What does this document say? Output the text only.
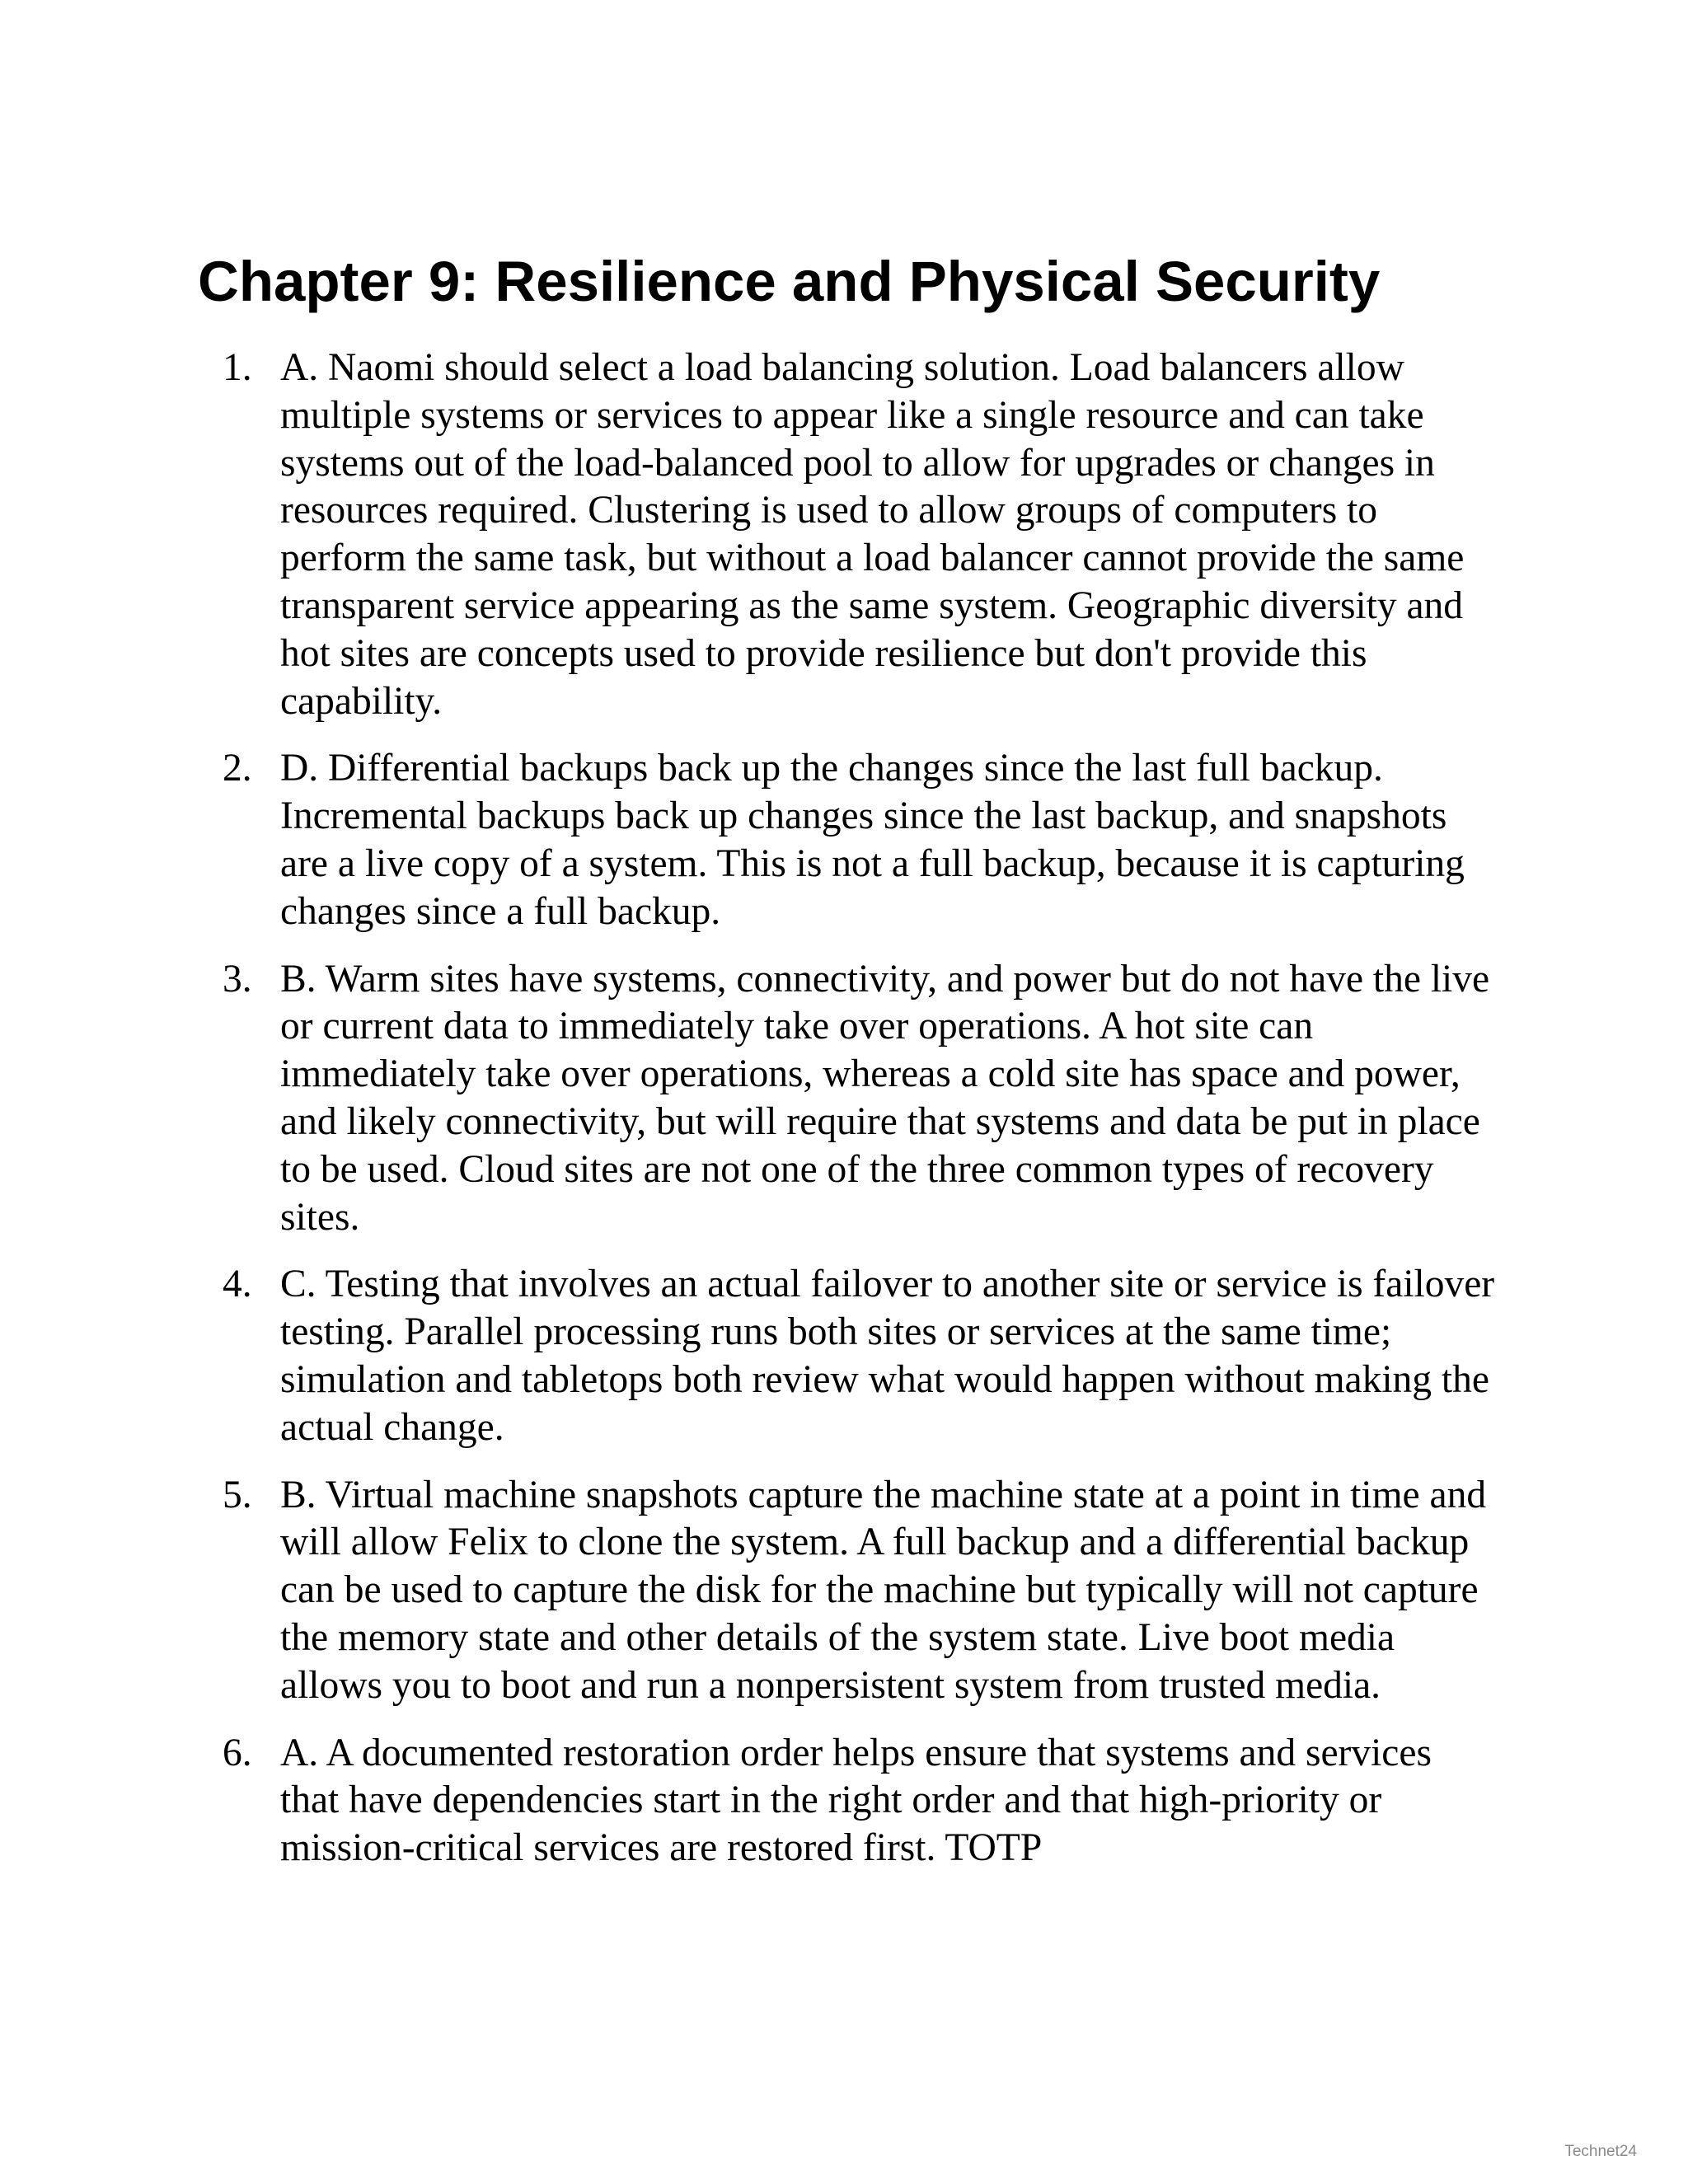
Chapter 9: Resilience and Physical Security
1. A. Naomi should select a load balancing solution. Load balancers allow multiple systems or services to appear like a single resource and can take systems out of the load-balanced pool to allow for upgrades or changes in resources required. Clustering is used to allow groups of computers to perform the same task, but without a load balancer cannot provide the same transparent service appearing as the same system. Geographic diversity and hot sites are concepts used to provide resilience but don't provide this capability.
2. D. Differential backups back up the changes since the last full backup. Incremental backups back up changes since the last backup, and snapshots are a live copy of a system. This is not a full backup, because it is capturing changes since a full backup.
3. B. Warm sites have systems, connectivity, and power but do not have the live or current data to immediately take over operations. A hot site can immediately take over operations, whereas a cold site has space and power, and likely connectivity, but will require that systems and data be put in place to be used. Cloud sites are not one of the three common types of recovery sites.
4. C. Testing that involves an actual failover to another site or service is failover testing. Parallel processing runs both sites or services at the same time; simulation and tabletops both review what would happen without making the actual change.
5. B. Virtual machine snapshots capture the machine state at a point in time and will allow Felix to clone the system. A full backup and a differential backup can be used to capture the disk for the machine but typically will not capture the memory state and other details of the system state. Live boot media allows you to boot and run a nonpersistent system from trusted media.
6. A. A documented restoration order helps ensure that systems and services that have dependencies start in the right order and that high-priority or mission-critical services are restored first. TOTP
Technet24
